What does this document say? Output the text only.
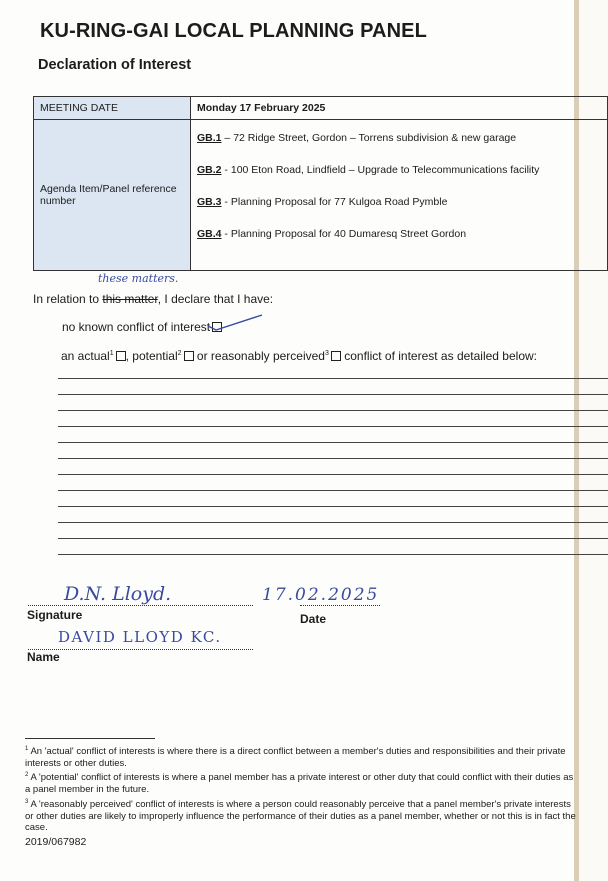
KU-RING-GAI LOCAL PLANNING PANEL
Declaration of Interest
MEETING DATE	Monday 17 February 2025
Agenda Item/Panel reference number	GB.1 – 72 Ridge Street, Gordon – Torrens subdivision & new garage
GB.2 - 100 Eton Road, Lindfield – Upgrade to Telecommunications facility
GB.3 - Planning Proposal for 77 Kulgoa Road Pymble
GB.4 - Planning Proposal for 40 Dumaresq Street Gordon
these matters.
In relation to this matter, I declare that I have:
no known conflict of interest
an actual$^1$ , potential$^2$ or reasonably perceived$^3$ conflict of interest as detailed below:
D.N. Lloyd.	17.02.2025
Signature	Date
DAVID LLOYD KC.
Name
$^1$ An 'actual' conflict of interests is where there is a direct conflict between a member's duties and responsibilities and their private interests or other duties.
$^2$ A 'potential' conflict of interests is where a panel member has a private interest or other duty that could conflict with their duties as a panel member in the future.
$^3$ A 'reasonably perceived' conflict of interests is where a person could reasonably perceive that a panel member's private interests or other duties are likely to improperly influence the performance of their duties as a panel member, whether or not this is in fact the case.
2019/067982
